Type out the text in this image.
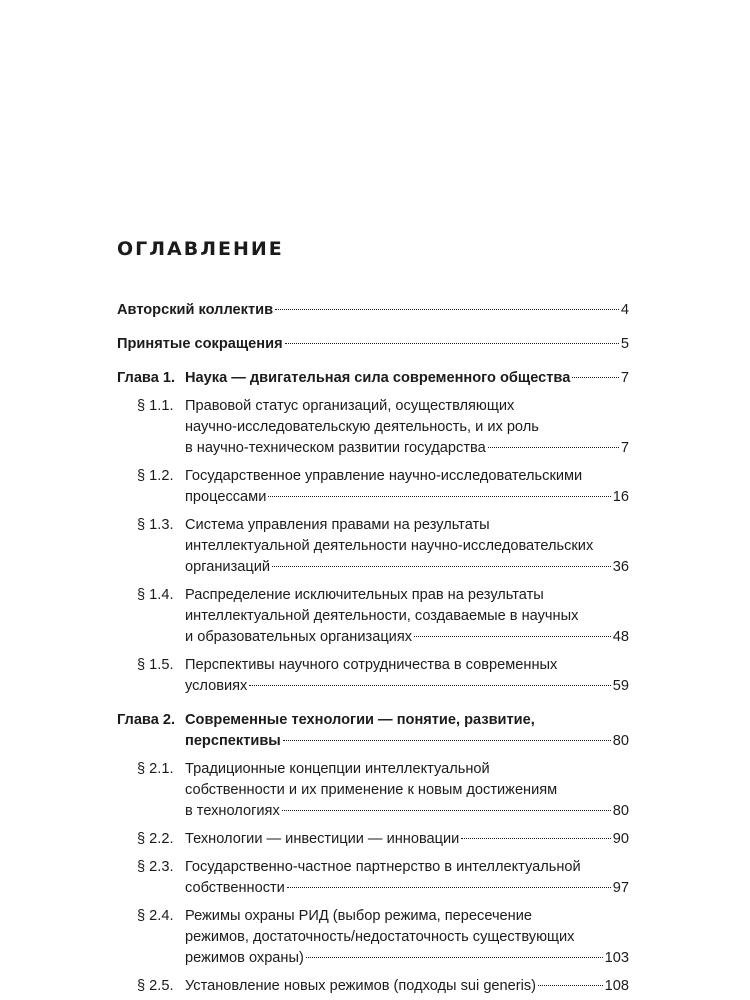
ОГЛАВЛЕНИЕ
Авторский коллектив	4
Принятые сокращения	5
Глава 1. Наука — двигательная сила современного общества	7
§ 1.1. Правовой статус организаций, осуществляющих
научно-исследовательскую деятельность, и их роль
в научно-техническом развитии государства	7
§ 1.2. Государственное управление научно-исследовательскими
процессами	16
§ 1.3. Система управления правами на результаты
интеллектуальной деятельности научно-исследовательских
организаций	36
§ 1.4. Распределение исключительных прав на результаты
интеллектуальной деятельности, создаваемые в научных
и образовательных организациях	48
§ 1.5. Перспективы научного сотрудничества в современных
условиях	59
Глава 2. Современные технологии — понятие, развитие,
перспективы	80
§ 2.1. Традиционные концепции интеллектуальной
собственности и их применение к новым достижениям
в технологиях	80
§ 2.2. Технологии — инвестиции — инновации	90
§ 2.3. Государственно-частное партнерство в интеллектуальной
собственности	97
§ 2.4. Режимы охраны РИД (выбор режима, пересечение
режимов, достаточность/недостаточность существующих
режимов охраны)	103
§ 2.5. Установление новых режимов (подходы sui generis)	108
